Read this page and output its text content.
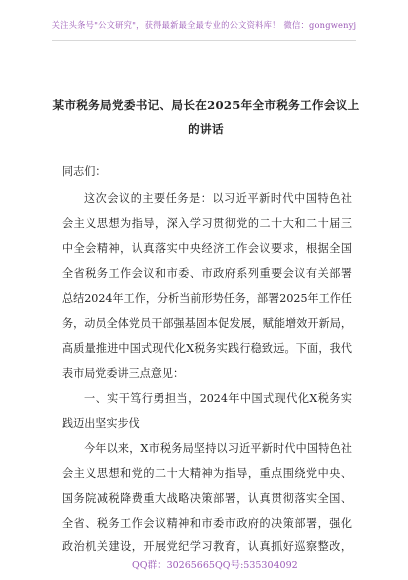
关注头条号"公文研究"，获得最新最全最专业的公文资料库！ 微信：gongwenyj
某市税务局党委书记、局长在2025年全市税务工作会议上
的讲话
同志们：
这次会议的主要任务是：以习近平新时代中国特色社
会主义思想为指导，深入学习贯彻党的二十大和二十届三
中全会精神，认真落实中央经济工作会议要求，根据全国
全省税务工作会议和市委、市政府系列重要会议有关部署
总结2024年工作，分析当前形势任务，部署2025年工作任
务，动员全体党员干部强基固本促发展，赋能增效开新局，
高质量推进中国式现代化X税务实践行稳致远。下面，我代
表市局党委讲三点意见：
一、实干笃行勇担当，2024年中国式现代化X税务实
践迈出坚实步伐
今年以来，X市税务局坚持以习近平新时代中国特色社
会主义思想和党的二十大精神为指导，重点围绕党中央、
国务院减税降费重大战略决策部署，认真贯彻落实全国、
全省、税务工作会议精神和市委市政府的决策部署，强化
政治机关建设，开展党纪学习教育，认真抓好巡察整改，
QQ群：30265665 QQ号:535304092
